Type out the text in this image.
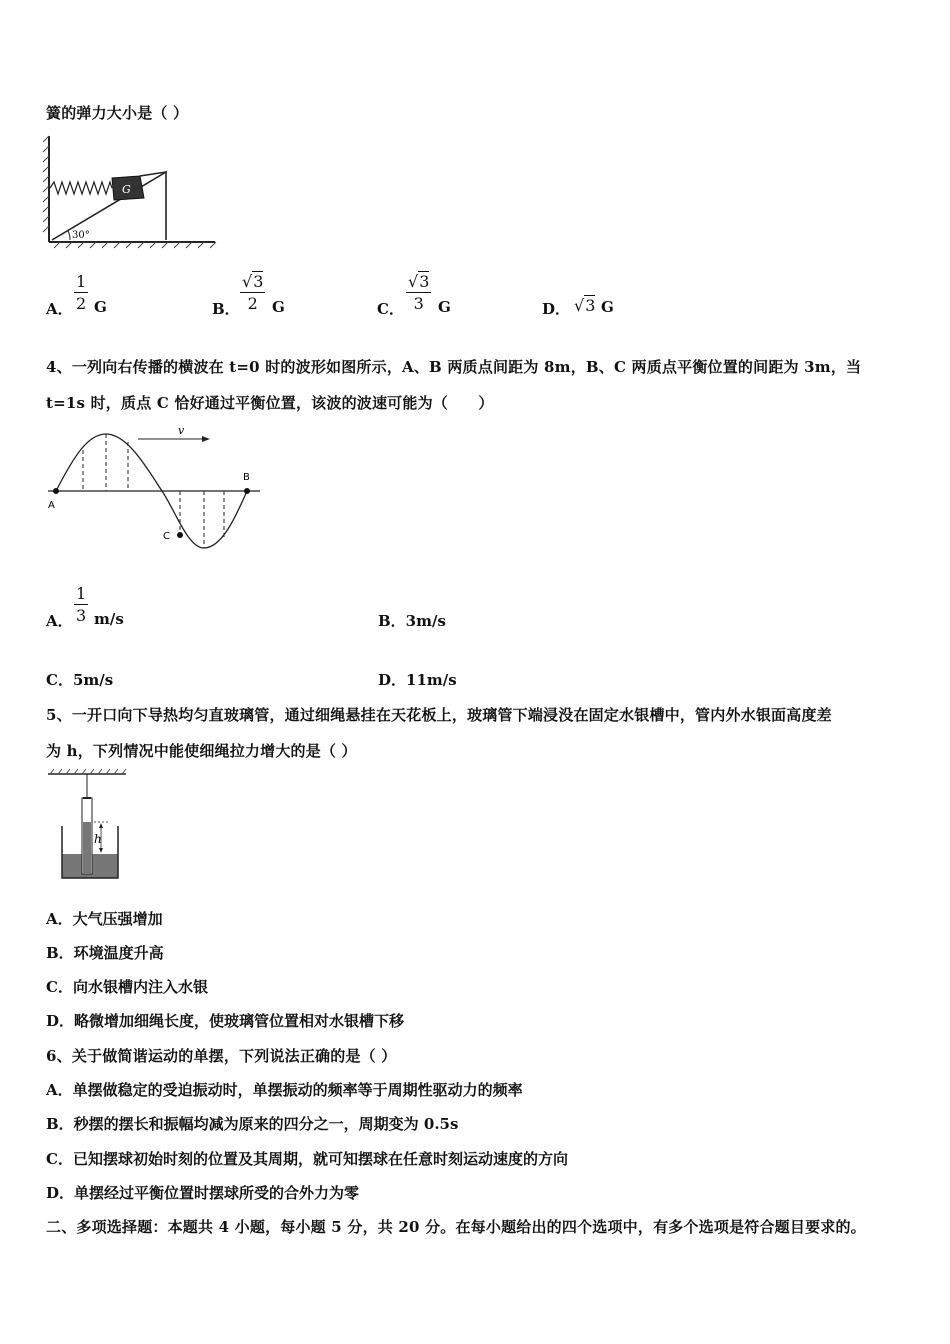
簧的弹力大小是（ ）
G
30°
A．
1
2 G	B．
√3
2 G	C．
√3
3 G	D． √3 G
4、一列向右传播的横波在 t=0 时的波形如图所示，A、B 两质点间距为 8m，B、C 两质点平衡位置的间距为 3m，当
t=1s 时，质点 C 恰好通过平衡位置，该波的波速可能为（　　）
v
A
B
C
A．
1
3 m/s	B．3m/s
C．5m/s	D．11m/s
5、一开口向下导热均匀直玻璃管，通过细绳悬挂在天花板上，玻璃管下端浸没在固定水银槽中，管内外水银面高度差
为 h，下列情况中能使细绳拉力增大的是（ ）
h
A．大气压强增加
B．环境温度升高
C．向水银槽内注入水银
D．略微增加细绳长度，使玻璃管位置相对水银槽下移
6、关于做简谐运动的单摆，下列说法正确的是（ ）
A．单摆做稳定的受迫振动时，单摆振动的频率等于周期性驱动力的频率
B．秒摆的摆长和振幅均减为原来的四分之一，周期变为 0.5s
C．已知摆球初始时刻的位置及其周期，就可知摆球在任意时刻运动速度的方向
D．单摆经过平衡位置时摆球所受的合外力为零
二、多项选择题：本题共 4 小题，每小题 5 分，共 20 分。在每小题给出的四个选项中，有多个选项是符合题目要求的。
